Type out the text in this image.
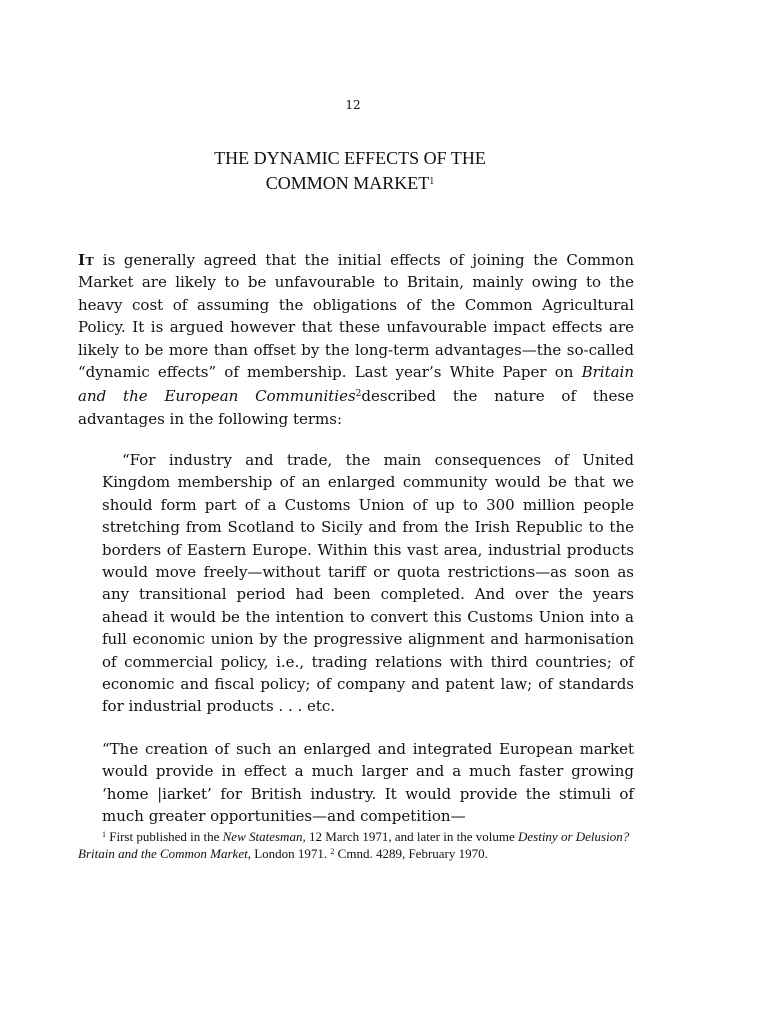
12
THE DYNAMIC EFFECTS OF THE
COMMON MARKET$^1$
It is generally agreed that the initial effects of joining the Common Market are likely to be unfavourable to Britain, mainly owing to the heavy cost of assuming the obligations of the Common Agricultural Policy. It is argued however that these unfavourable impact effects are likely to be more than offset by the long-term advantages—the so-called “dynamic effects” of membership. Last year’s White Paper on Britain and the European Communities$^2$described the nature of these advantages in the following terms:
“For industry and trade, the main consequences of United Kingdom membership of an enlarged community would be that we should form part of a Customs Union of up to 300 million people stretching from Scotland to Sicily and from the Irish Republic to the borders of Eastern Europe. Within this vast area, industrial products would move freely—without tariff or quota restrictions—as soon as any transitional period had been completed. And over the years ahead it would be the intention to convert this Customs Union into a full economic union by the progressive alignment and harmonisation of commercial policy, i.e., trading relations with third countries; of economic and fiscal policy; of company and patent law; of standards for industrial products . . . etc.
“The creation of such an enlarged and integrated European market would provide in effect a much larger and a much faster growing ‘home |iarket’ for British industry. It would provide the stimuli of much greater opportunities—and competition—
$^1$ First published in the New Statesman, 12 March 1971, and later in the volume Destiny or Delusion? Britain and the Common Market, London 1971. $^2$ Cmnd. 4289, February 1970.
